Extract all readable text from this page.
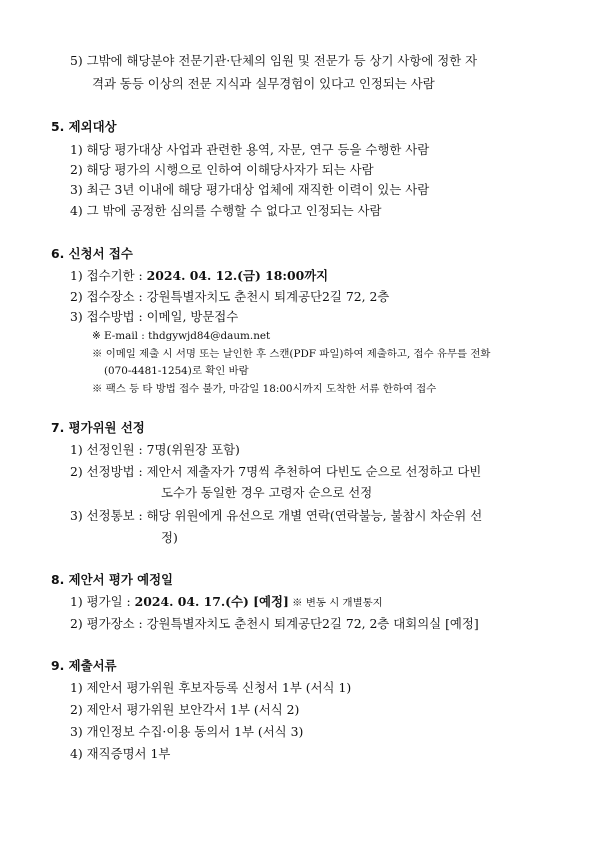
5) 그밖에 해당분야 전문기관·단체의 임원 및 전문가 등 상기 사항에 정한 자
격과 동등 이상의 전문 지식과 실무경험이 있다고 인정되는 사람
5. 제외대상
1) 해당 평가대상 사업과 관련한 용역, 자문, 연구 등을 수행한 사람
2) 해당 평가의 시행으로 인하여 이해당사자가 되는 사람
3) 최근 3년 이내에 해당 평가대상 업체에 재직한 이력이 있는 사람
4) 그 밖에 공정한 심의를 수행할 수 없다고 인정되는 사람
6. 신청서 접수
1) 접수기한 : 2024. 04. 12.(금) 18:00까지
2) 접수장소 : 강원특별자치도 춘천시 퇴계공단2길 72, 2층
3) 접수방법 : 이메일, 방문접수
※ E-mail : thdgywjd84@daum.net
※ 이메일 제출 시 서명 또는 날인한 후 스캔(PDF 파일)하여 제출하고, 접수 유무를 전화
(070-4481-1254)로 확인 바람
※ 팩스 등 타 방법 접수 불가, 마감일 18:00시까지 도착한 서류 한하여 접수
7. 평가위원 선정
1) 선정인원 : 7명(위원장 포함)
2) 선정방법 : 제안서 제출자가 7명씩 추천하여 다빈도 순으로 선정하고 다빈
도수가 동일한 경우 고령자 순으로 선정
3) 선정통보 : 해당 위원에게 유선으로 개별 연락(연락불능, 불참시 차순위 선
정)
8. 제안서 평가 예정일
1) 평가일 : 2024. 04. 17.(수) [예정] ※ 변동 시 개별통지
2) 평가장소 : 강원특별자치도 춘천시 퇴계공단2길 72, 2층 대회의실 [예정]
9. 제출서류
1) 제안서 평가위원 후보자등록 신청서 1부 (서식 1)
2) 제안서 평가위원 보안각서 1부 (서식 2)
3) 개인정보 수집·이용 동의서 1부 (서식 3)
4) 재직증명서 1부
